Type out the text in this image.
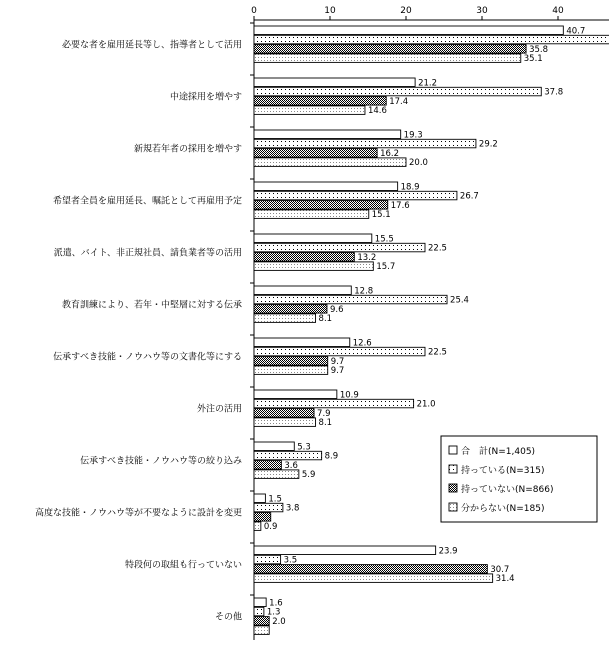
0	10	20	30	40
必要な者を雇用延長等し、指導者として活用
40.7
35.8
35.1
中途採用を増やす
21.2
37.8
17.4
14.6
新規若年者の採用を増やす
19.3
29.2
16.2
20.0
希望者全員を雇用延長、嘱託として再雇用予定
18.9
26.7
17.6
15.1
派遣、バイト、非正規社員、請負業者等の活用
15.5
22.5
13.2
15.7
教育訓練により、若年・中堅層に対する伝承
12.8
25.4
9.6
8.1
伝承すべき技能・ノウハウ等の文書化等にする
12.6
22.5
9.7
9.7
外注の活用
10.9
21.0
7.9
8.1
伝承すべき技能・ノウハウ等の絞り込み
5.3
8.9
3.6
5.9
高度な技能・ノウハウ等が不要なように設計を変更
1.5
3.8
0.9
特段何の取組も行っていない
23.9
3.5
30.7
31.4
その他
1.6
1.3
2.0
合　計(N=1,405)
持っている(N=315)
持っていない(N=866)
分からない(N=185)
